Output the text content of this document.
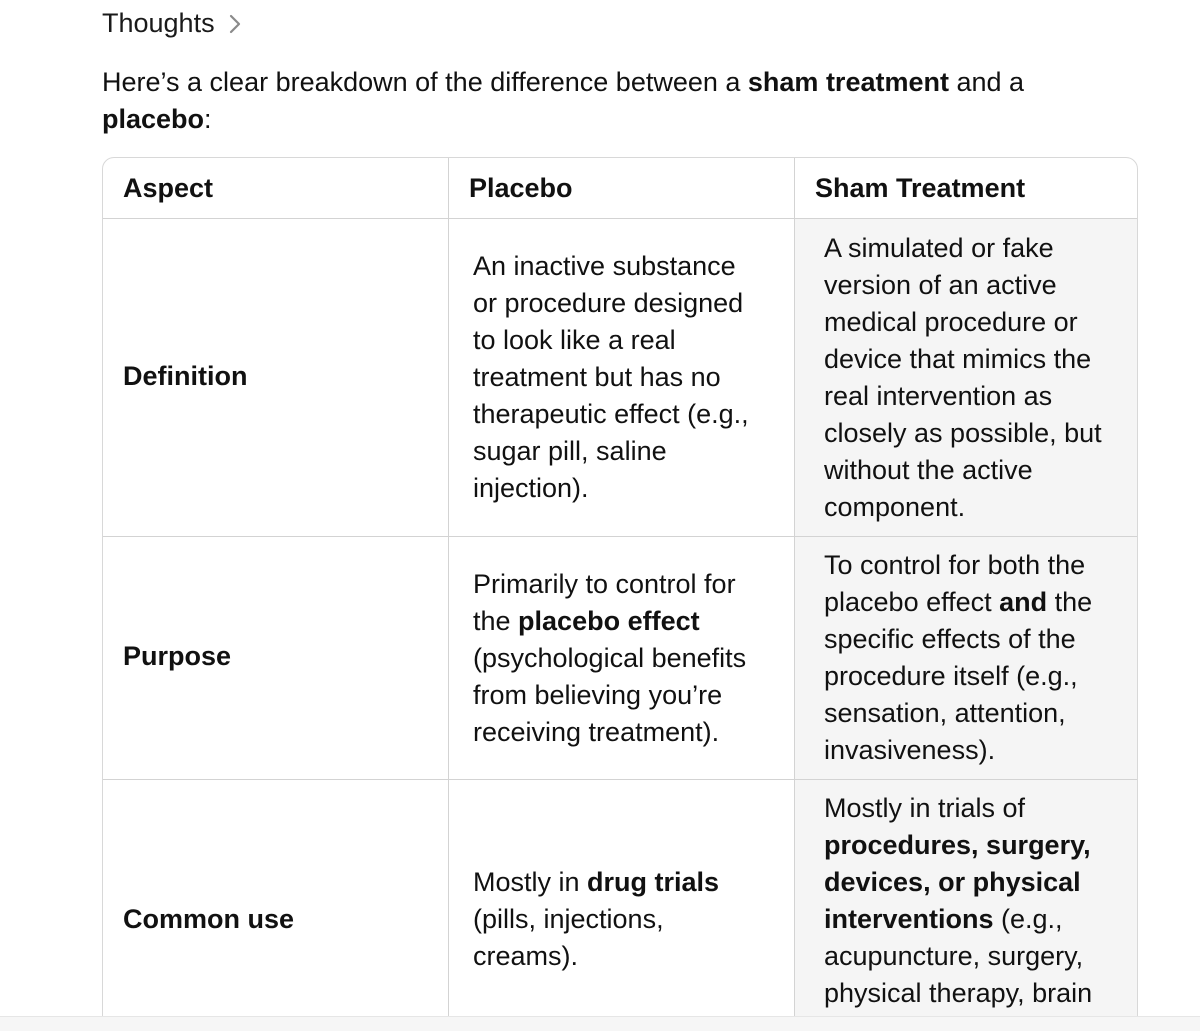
Thoughts
Here’s a clear breakdown of the difference between a sham treatment and a placebo:
Aspect	Placebo	Sham Treatment
Definition
An inactive substance
or procedure designed
to look like a real
treatment but has no
therapeutic effect (e.g.,
sugar pill, saline
injection).
A simulated or fake
version of an active
medical procedure or
device that mimics the
real intervention as
closely as possible, but
without the active
component.
Purpose
Primarily to control for
the placebo effect
(psychological benefits
from believing you’re
receiving treatment).
To control for both the
placebo effect and the
specific effects of the
procedure itself (e.g.,
sensation, attention,
invasiveness).
Common use
Mostly in drug trials
(pills, injections,
creams).
Mostly in trials of
procedures, surgery,
devices, or physical
interventions (e.g.,
acupuncture, surgery,
physical therapy, brain
